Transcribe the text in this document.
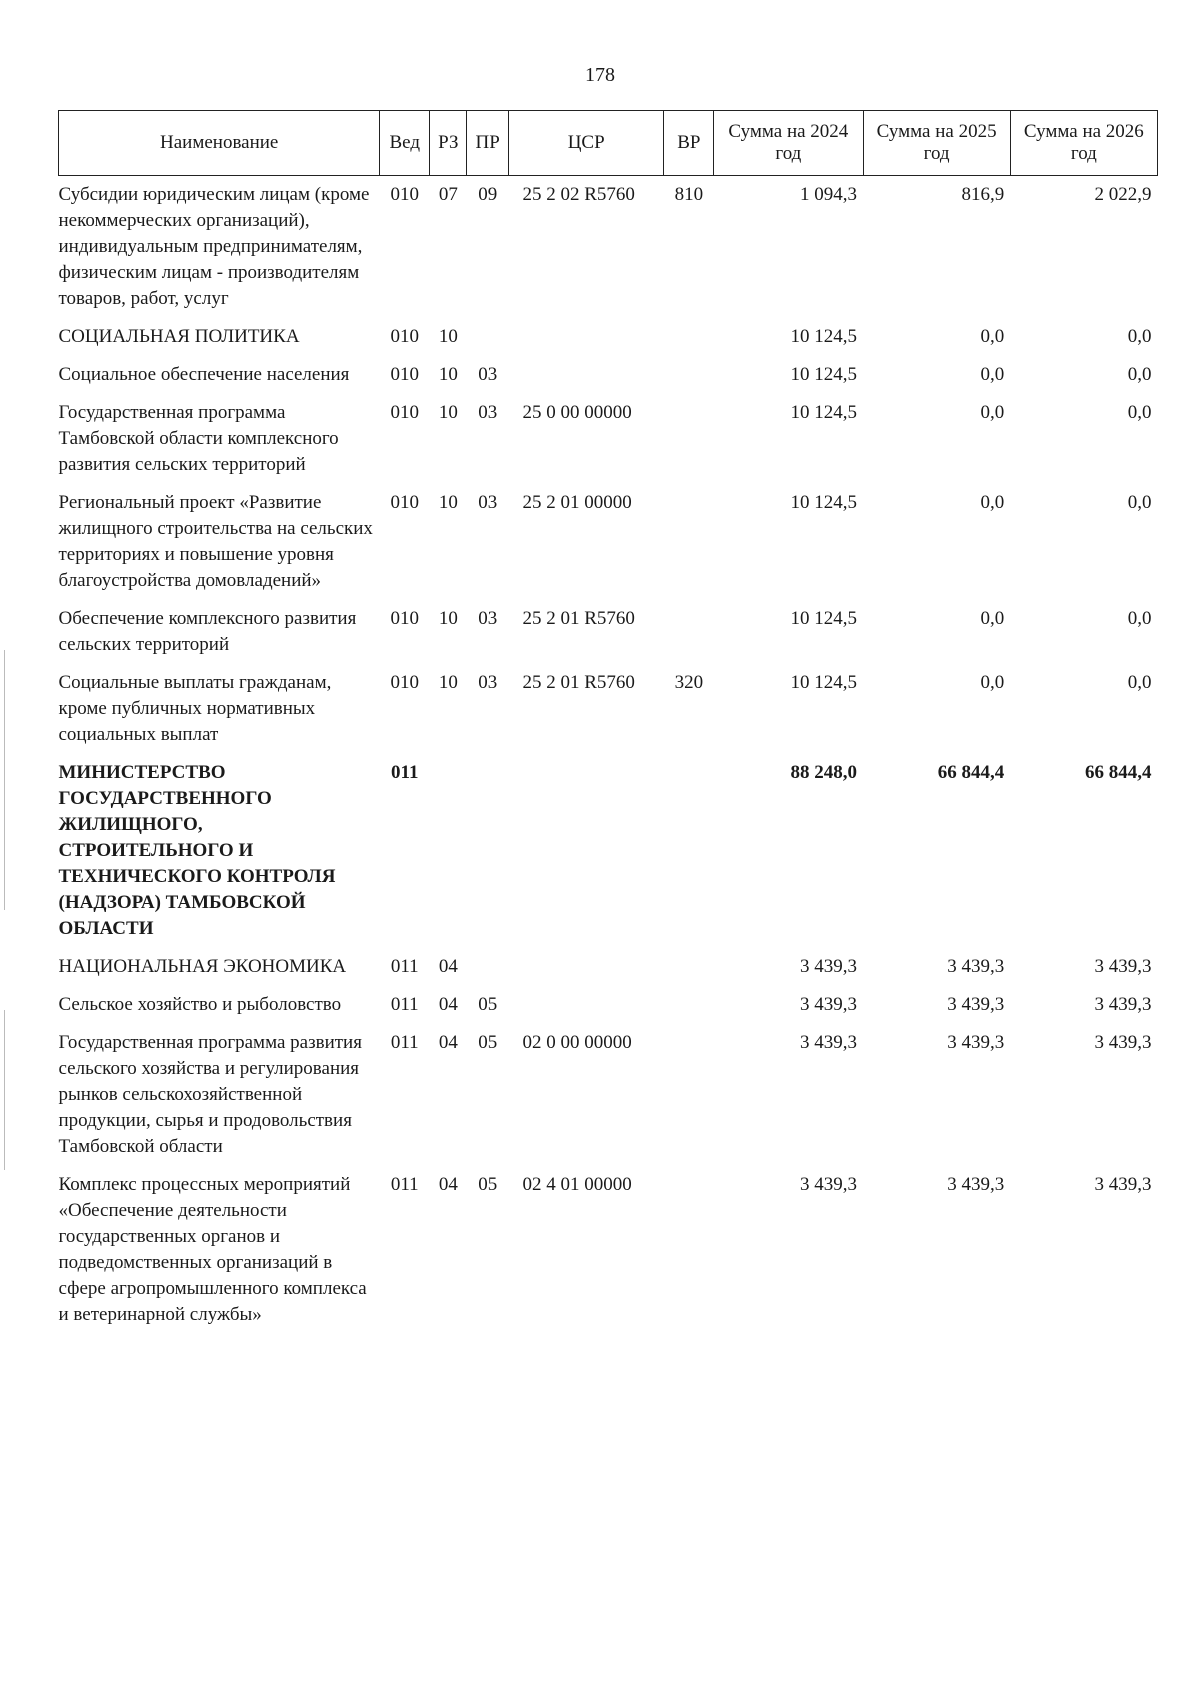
178
Наименование	Вед	РЗ	ПР	ЦСР	ВР	Сумма на 2024 год	Сумма на 2025 год	Сумма на 2026 год
Субсидии юридическим лицам (кроме некоммерческих организаций), индивидуальным предпринимателям, физическим лицам - производителям товаров, работ, услуг	010	07	09	25 2 02 R5760	810	1 094,3	816,9	2 022,9
СОЦИАЛЬНАЯ ПОЛИТИКА	010	10				10 124,5	0,0	0,0
Социальное обеспечение населения	010	10	03			10 124,5	0,0	0,0
Государственная программа Тамбовской области комплексного развития сельских территорий	010	10	03	25 0 00 00000		10 124,5	0,0	0,0
Региональный проект «Развитие жилищного строительства на сельских территориях и повышение уровня благоустройства домовладений»	010	10	03	25 2 01 00000		10 124,5	0,0	0,0
Обеспечение комплексного развития сельских территорий	010	10	03	25 2 01 R5760		10 124,5	0,0	0,0
Социальные выплаты гражданам, кроме публичных нормативных социальных выплат	010	10	03	25 2 01 R5760	320	10 124,5	0,0	0,0
МИНИСТЕРСТВО ГОСУДАРСТВЕННОГО ЖИЛИЩНОГО, СТРОИТЕЛЬНОГО И ТЕХНИЧЕСКОГО КОНТРОЛЯ (НАДЗОРА) ТАМБОВСКОЙ ОБЛАСТИ	011					88 248,0	66 844,4	66 844,4
НАЦИОНАЛЬНАЯ ЭКОНОМИКА	011	04				3 439,3	3 439,3	3 439,3
Сельское хозяйство и рыболовство	011	04	05			3 439,3	3 439,3	3 439,3
Государственная программа развития сельского хозяйства и регулирования рынков сельскохозяйственной продукции, сырья и продовольствия Тамбовской области	011	04	05	02 0 00 00000		3 439,3	3 439,3	3 439,3
Комплекс процессных мероприятий «Обеспечение деятельности государственных органов и подведомственных организаций в сфере агропромышленного комплекса и ветеринарной службы»	011	04	05	02 4 01 00000		3 439,3	3 439,3	3 439,3
